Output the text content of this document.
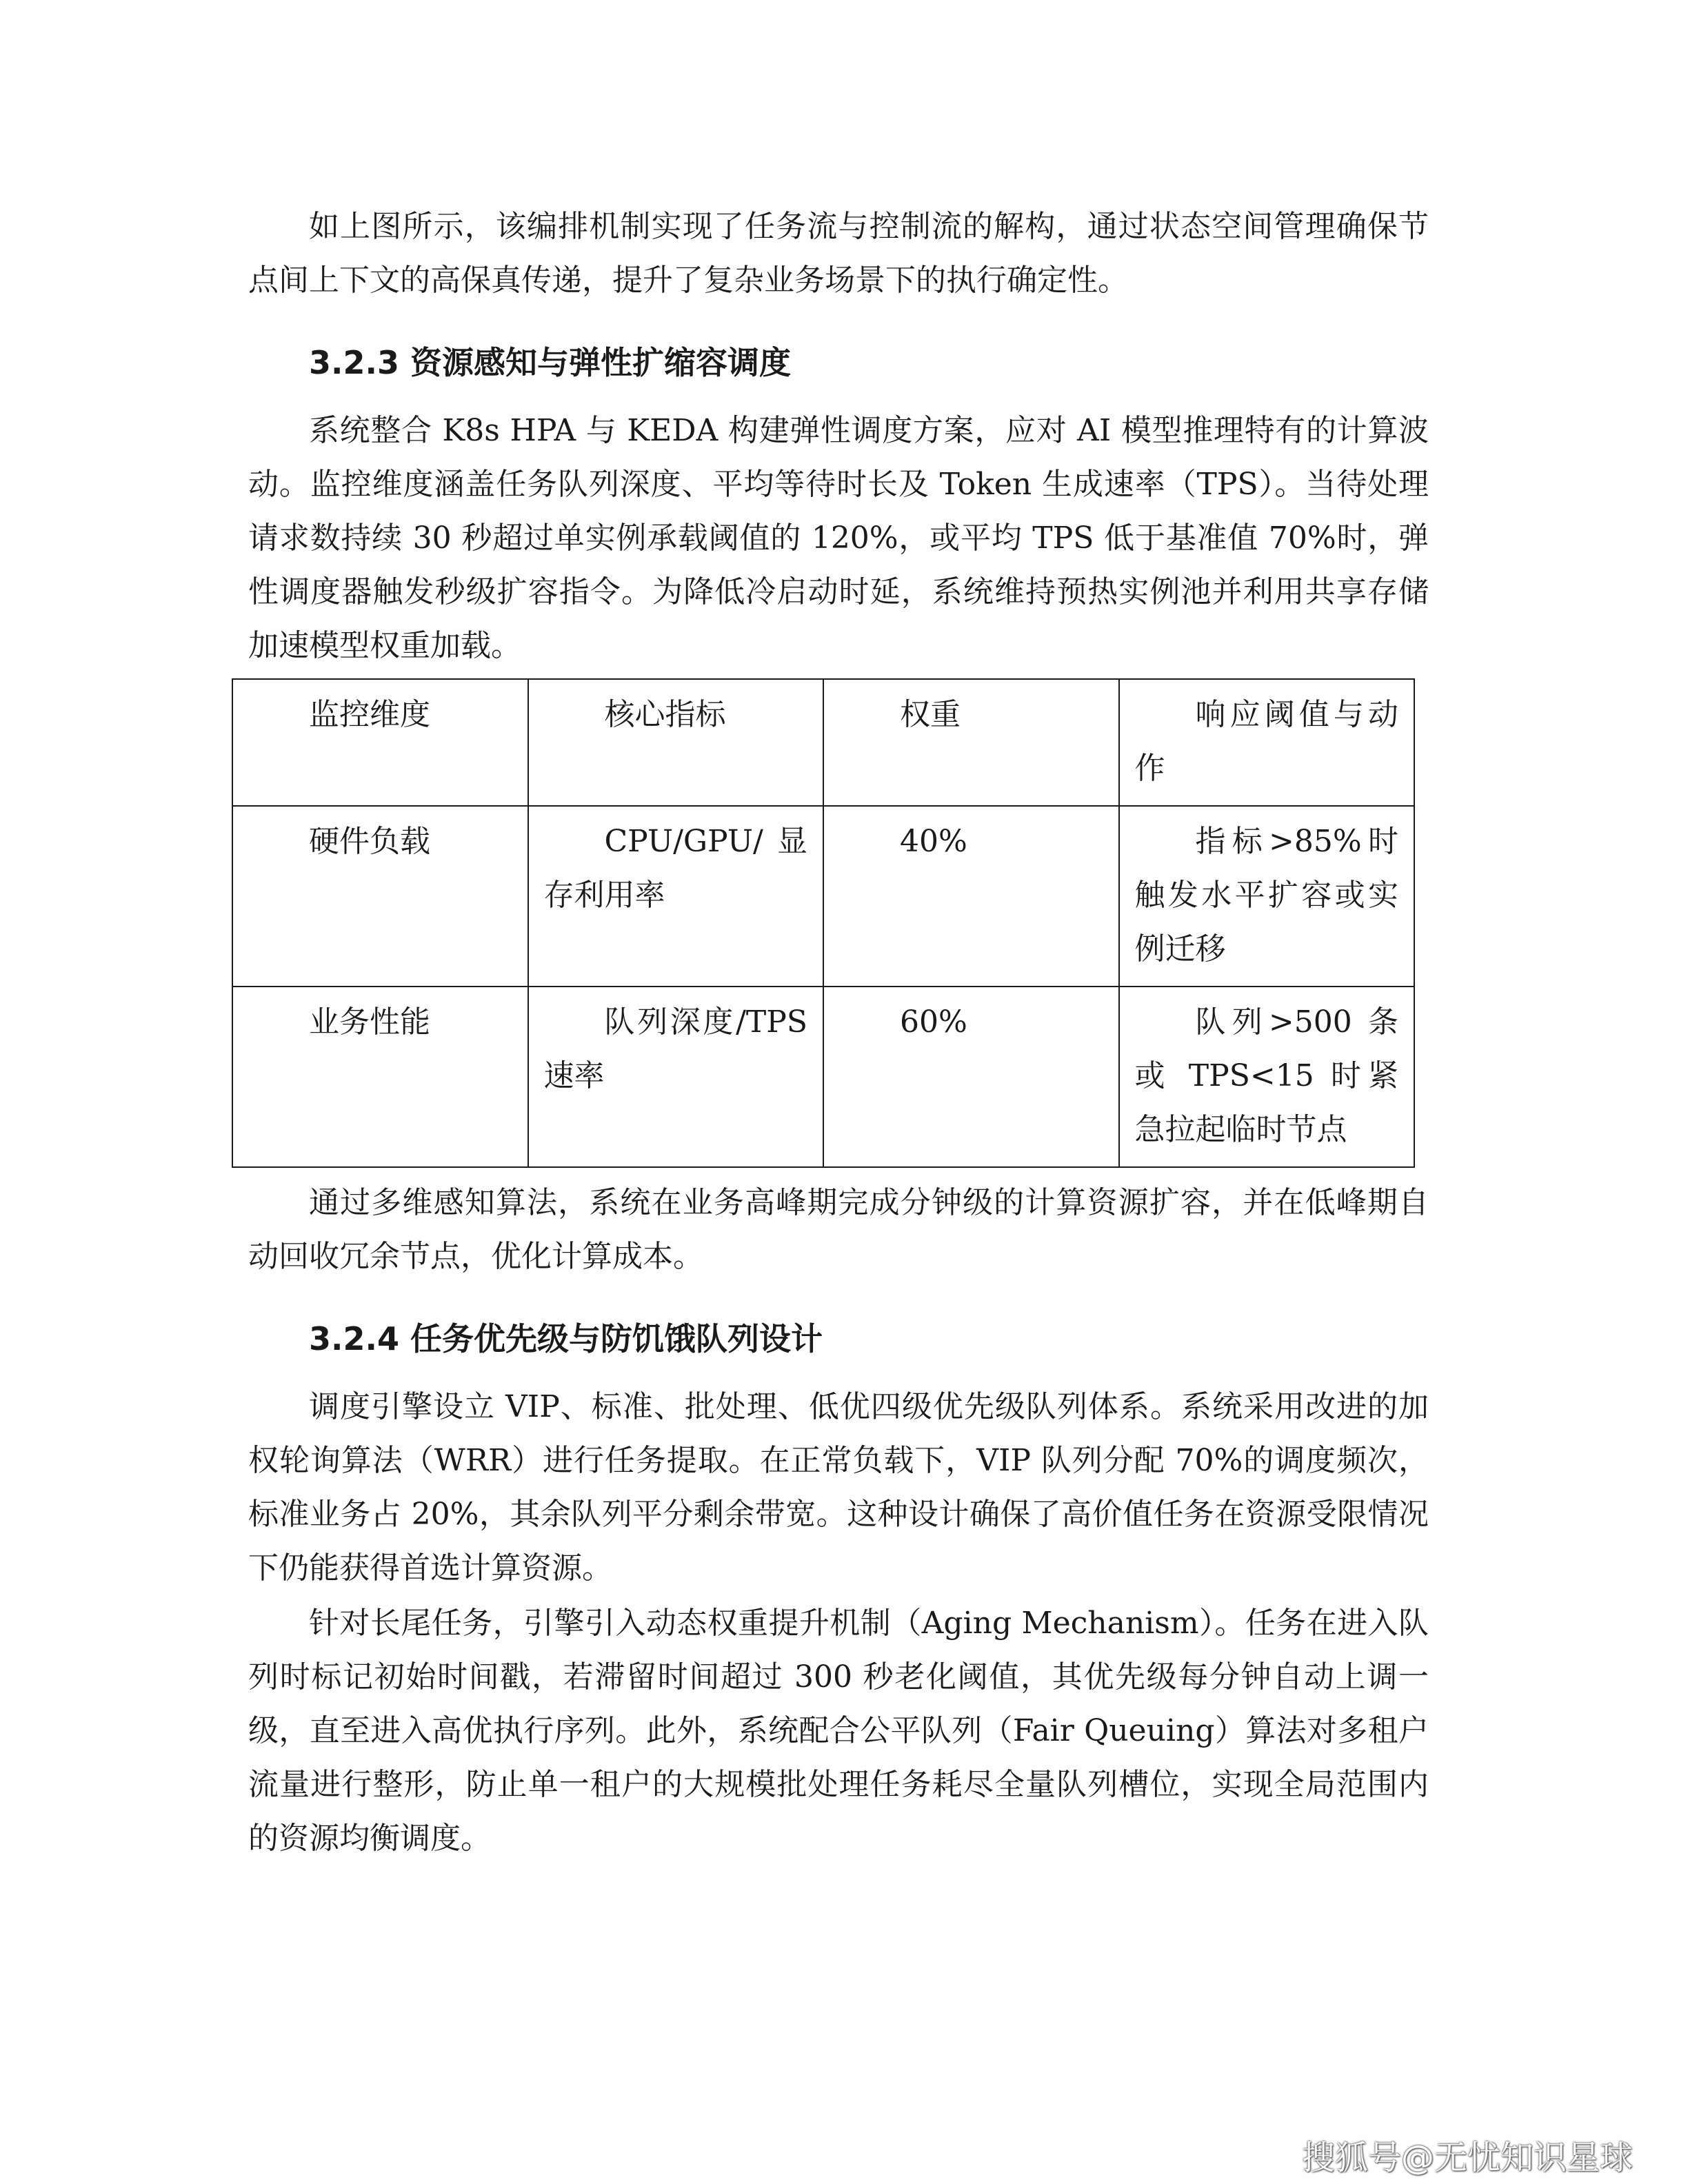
如上图所示，该编排机制实现了任务流与控制流的解构，通过状态空间管理确保节点间上下文的高保真传递，提升了复杂业务场景下的执行确定性。

3.2.3 资源感知与弹性扩缩容调度

系统整合 K8s HPA 与 KEDA 构建弹性调度方案，应对 AI 模型推理特有的计算波动。监控维度涵盖任务队列深度、平均等待时长及 Token 生成速率（TPS）。当待处理请求数持续 30 秒超过单实例承载阈值的 120%，或平均 TPS 低于基准值 70%时，弹性调度器触发秒级扩容指令。为降低冷启动时延，系统维持预热实例池并利用共享存储加速模型权重加载。

监控维度	核心指标	权重	响应阈值与动作

硬件负载	CPU/GPU/显存利用率	40%	指标>85%时触发水平扩容或实例迁移

业务性能	队列深度/TPS 速率	60%	队列>500 条或 TPS<15 时紧急拉起临时节点

通过多维感知算法，系统在业务高峰期完成分钟级的计算资源扩容，并在低峰期自动回收冗余节点，优化计算成本。

3.2.4 任务优先级与防饥饿队列设计

调度引擎设立 VIP、标准、批处理、低优四级优先级队列体系。系统采用改进的加权轮询算法（WRR）进行任务提取。在正常负载下，VIP 队列分配 70%的调度频次，标准业务占 20%，其余队列平分剩余带宽。这种设计确保了高价值任务在资源受限情况下仍能获得首选计算资源。

针对长尾任务，引擎引入动态权重提升机制（Aging Mechanism）。任务在进入队列时标记初始时间戳，若滞留时间超过 300 秒老化阈值，其优先级每分钟自动上调一级，直至进入高优执行序列。此外，系统配合公平队列（Fair Queuing）算法对多租户流量进行整形，防止单一租户的大规模批处理任务耗尽全量队列槽位，实现全局范围内的资源均衡调度。

搜狐号@无忧知识星球
